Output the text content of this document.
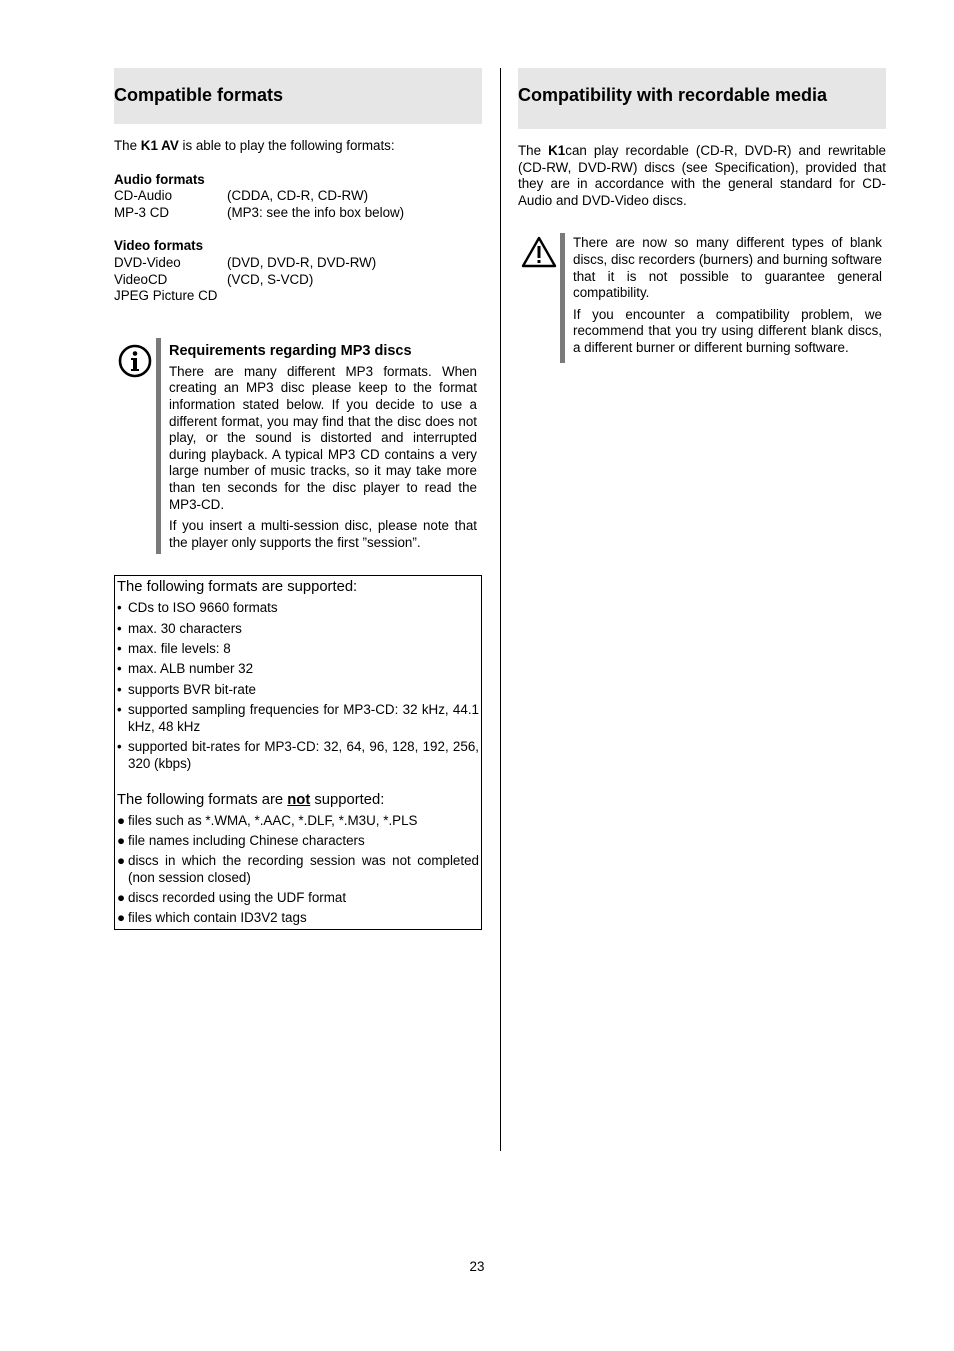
Compatible formats

The K1 AV is able to play the following formats:

Audio formats
CD-Audio	(CDDA, CD-R, CD-RW)
MP-3 CD	(MP3: see the info box below)
Video formats
DVD-Video	(DVD, DVD-R, DVD-RW)
VideoCD	(VCD, S-VCD)
JPEG Picture CD
Requirements regarding MP3 discs

There are many different MP3 formats. When creating an MP3 disc please keep to the format information stated below. If you decide to use a different format, you may find that the disc does not play, or the sound is distorted and interrupted during playback. A typical MP3 CD contains a very large number of music tracks, so it may take more than ten seconds for the disc player to read the MP3-CD.

If you insert a multi-session disc, please note that the player only supports the first ”session”.

The following formats are supported:
• CDs to ISO 9660 formats
• max. 30 characters
• max. file levels: 8
• max. ALB number 32
• supports BVR bit-rate
• supported sampling frequencies for MP3-CD: 32 kHz, 44.1 kHz, 48 kHz
• supported bit-rates for MP3-CD: 32, 64, 96, 128, 192, 256, 320 (kbps)
The following formats are not supported:
● files such as *.WMA, *.AAC, *.DLF, *.M3U, *.PLS
● file names including Chinese characters
● discs in which the recording session was not completed (non session closed)
● discs recorded using the UDF format
● files which contain ID3V2 tags
Compatibility with recordable media

The K1can play recordable (CD-R, DVD-R) and rewritable (CD-RW, DVD-RW) discs (see Specification), provided that they are in accordance with the general standard for CD-Audio and DVD-Video discs.

There are now so many different types of blank discs, disc recorders (burners) and burning software that it is not possible to guarantee general compatibility.

If you encounter a compatibility problem, we recommend that you try using different blank discs, a different burner or different burning software.

23
